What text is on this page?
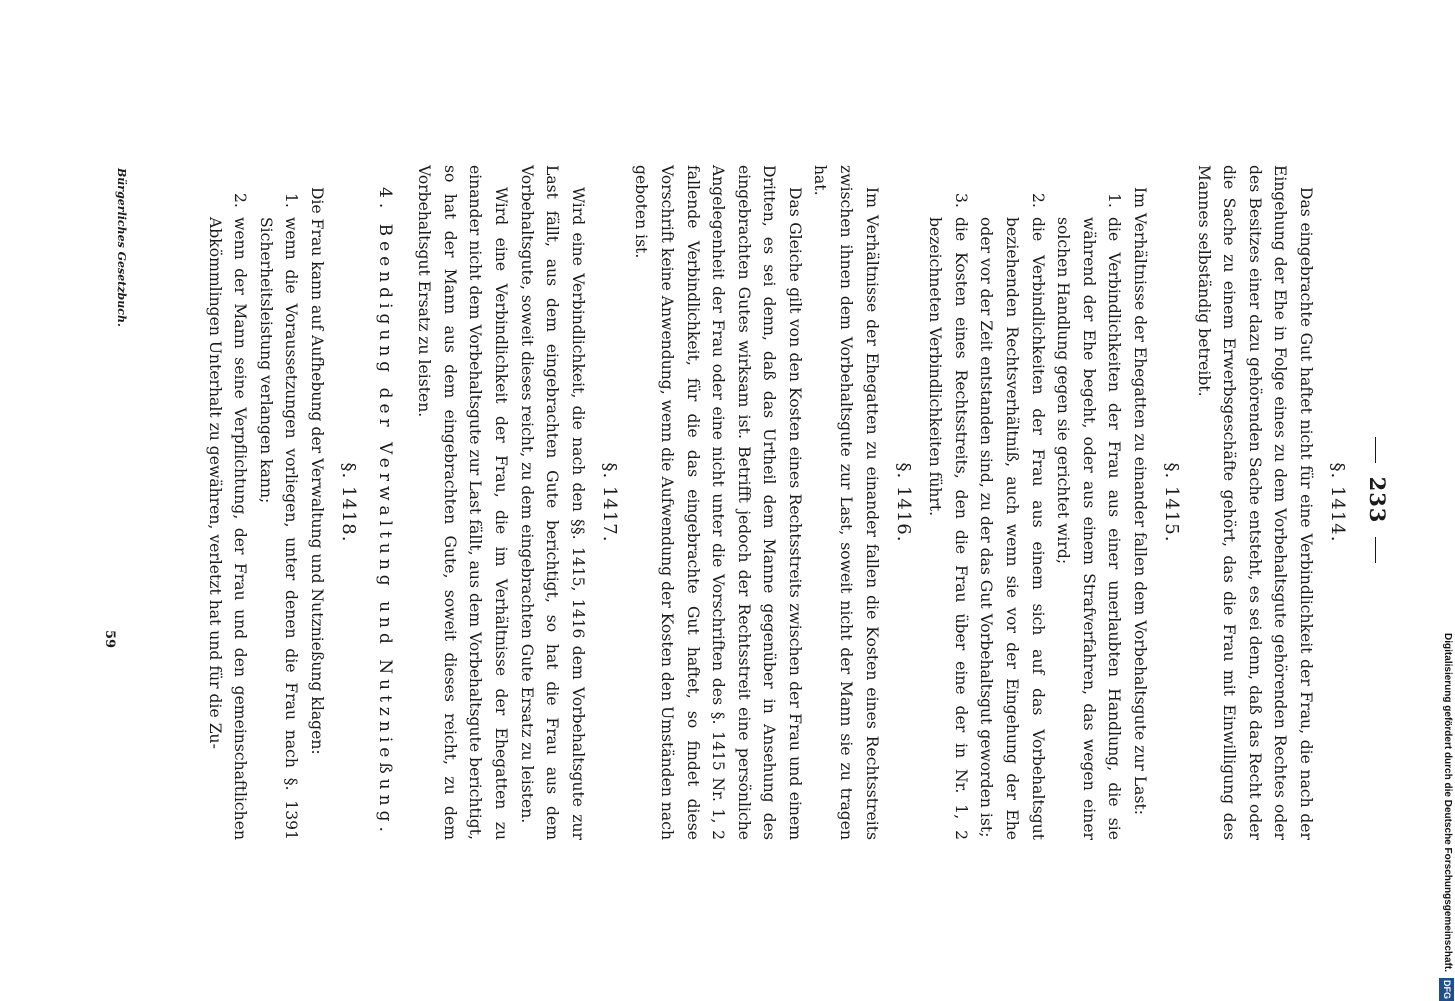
233
§. 1414.

Das eingebrachte Gut haftet nicht für eine Verbindlichkeit der Frau, die nach der Eingehung der Ehe in Folge eines zu dem Vorbehaltsgute gehörenden Rechtes oder des Besitzes einer dazu gehörenden Sache entsteht, es sei denn, daß das Recht oder die Sache zu einem Erwerbsgeschäfte gehört, das die Frau mit Einwilligung des Mannes selbständig betreibt.

§. 1415.

Im Verhältnisse der Ehegatten zu einander fallen dem Vorbehaltsgute zur Last:

1.
die Verbindlichkeiten der Frau aus einer unerlaubten Handlung, die sie während der Ehe begeht, oder aus einem Strafverfahren, das wegen einer solchen Handlung gegen sie gerichtet wird;
2.
die Verbindlichkeiten der Frau aus einem sich auf das Vorbehaltsgut beziehenden Rechtsverhältniß, auch wenn sie vor der Eingehung der Ehe oder vor der Zeit entstanden sind, zu der das Gut Vorbehaltsgut geworden ist;
3.
die Kosten eines Rechtsstreits, den die Frau über eine der in Nr. 1, 2 bezeichneten Verbindlichkeiten führt.
§. 1416.

Im Verhältnisse der Ehegatten zu einander fallen die Kosten eines Rechtsstreits zwischen ihnen dem Vorbehaltsgute zur Last, soweit nicht der Mann sie zu tragen hat.

Das Gleiche gilt von den Kosten eines Rechtsstreits zwischen der Frau und einem Dritten, es sei denn, daß das Urtheil dem Manne gegenüber in Ansehung des eingebrachten Gutes wirksam ist. Betrifft jedoch der Rechtsstreit eine persönliche Angelegenheit der Frau oder eine nicht unter die Vorschriften des §. 1415 Nr. 1, 2 fallende Verbindlichkeit, für die das eingebrachte Gut haftet, so findet diese Vorschrift keine Anwendung, wenn die Aufwendung der Kosten den Umständen nach geboten ist.

§. 1417.

Wird eine Verbindlichkeit, die nach den §§. 1415, 1416 dem Vorbehaltsgute zur Last fällt, aus dem eingebrachten Gute berichtigt, so hat die Frau aus dem Vorbehaltsgute, soweit dieses reicht, zu dem eingebrachten Gute Ersatz zu leisten.

Wird eine Verbindlichkeit der Frau, die im Verhältnisse der Ehegatten zu einander nicht dem Vorbehaltsgute zur Last fällt, aus dem Vorbehaltsgute berichtigt, so hat der Mann aus dem eingebrachten Gute, soweit dieses reicht, zu dem Vorbehaltsgut Ersatz zu leisten.

4. Beendigung der Verwaltung und Nutznießung.
§. 1418.

Die Frau kann auf Aufhebung der Verwaltung und Nutznießung klagen:

1.
wenn die Voraussetzungen vorliegen, unter denen die Frau nach §. 1391 Sicherheitsleistung verlangen kann;
2.
wenn der Mann seine Verpflichtung, der Frau und den gemeinschaftlichen Abkömmlingen Unterhalt zu gewähren, verletzt hat und für die Zu-
Bürgerliches Gesetzbuch.
59	Digitalisierung gefördert durch die Deutsche Forschungsgemeinschaft.
DFG
